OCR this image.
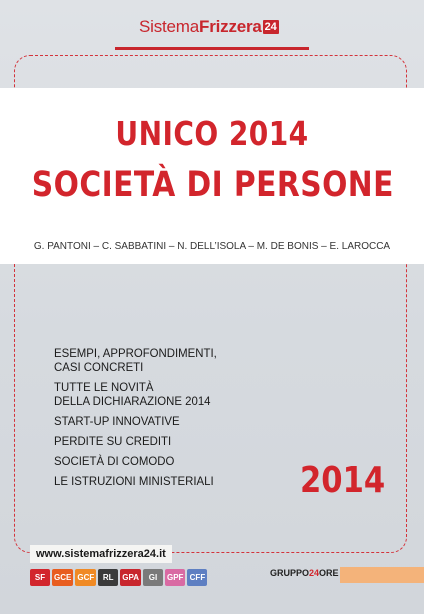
SistemaFrizzera 24
UNICO 2014
SOCIETÀ DI PERSONE
G. PANTONI – C. SABBATINI – N. DELL’ISOLA – M. DE BONIS – E. LAROCCA
ESEMPI, APPROFONDIMENTI,
CASI CONCRETI
TUTTE LE NOVITÀ
DELLA DICHIARAZIONE 2014
START-UP INNOVATIVE
PERDITE SU CREDITI
SOCIETÀ DI COMODO
LE ISTRUZIONI MINISTERIALI	2014
www.sistemafrizzera24.it
SF	GCE GCF	RL	GPA	GI	GPF CFF	GRUPPO24ORE
